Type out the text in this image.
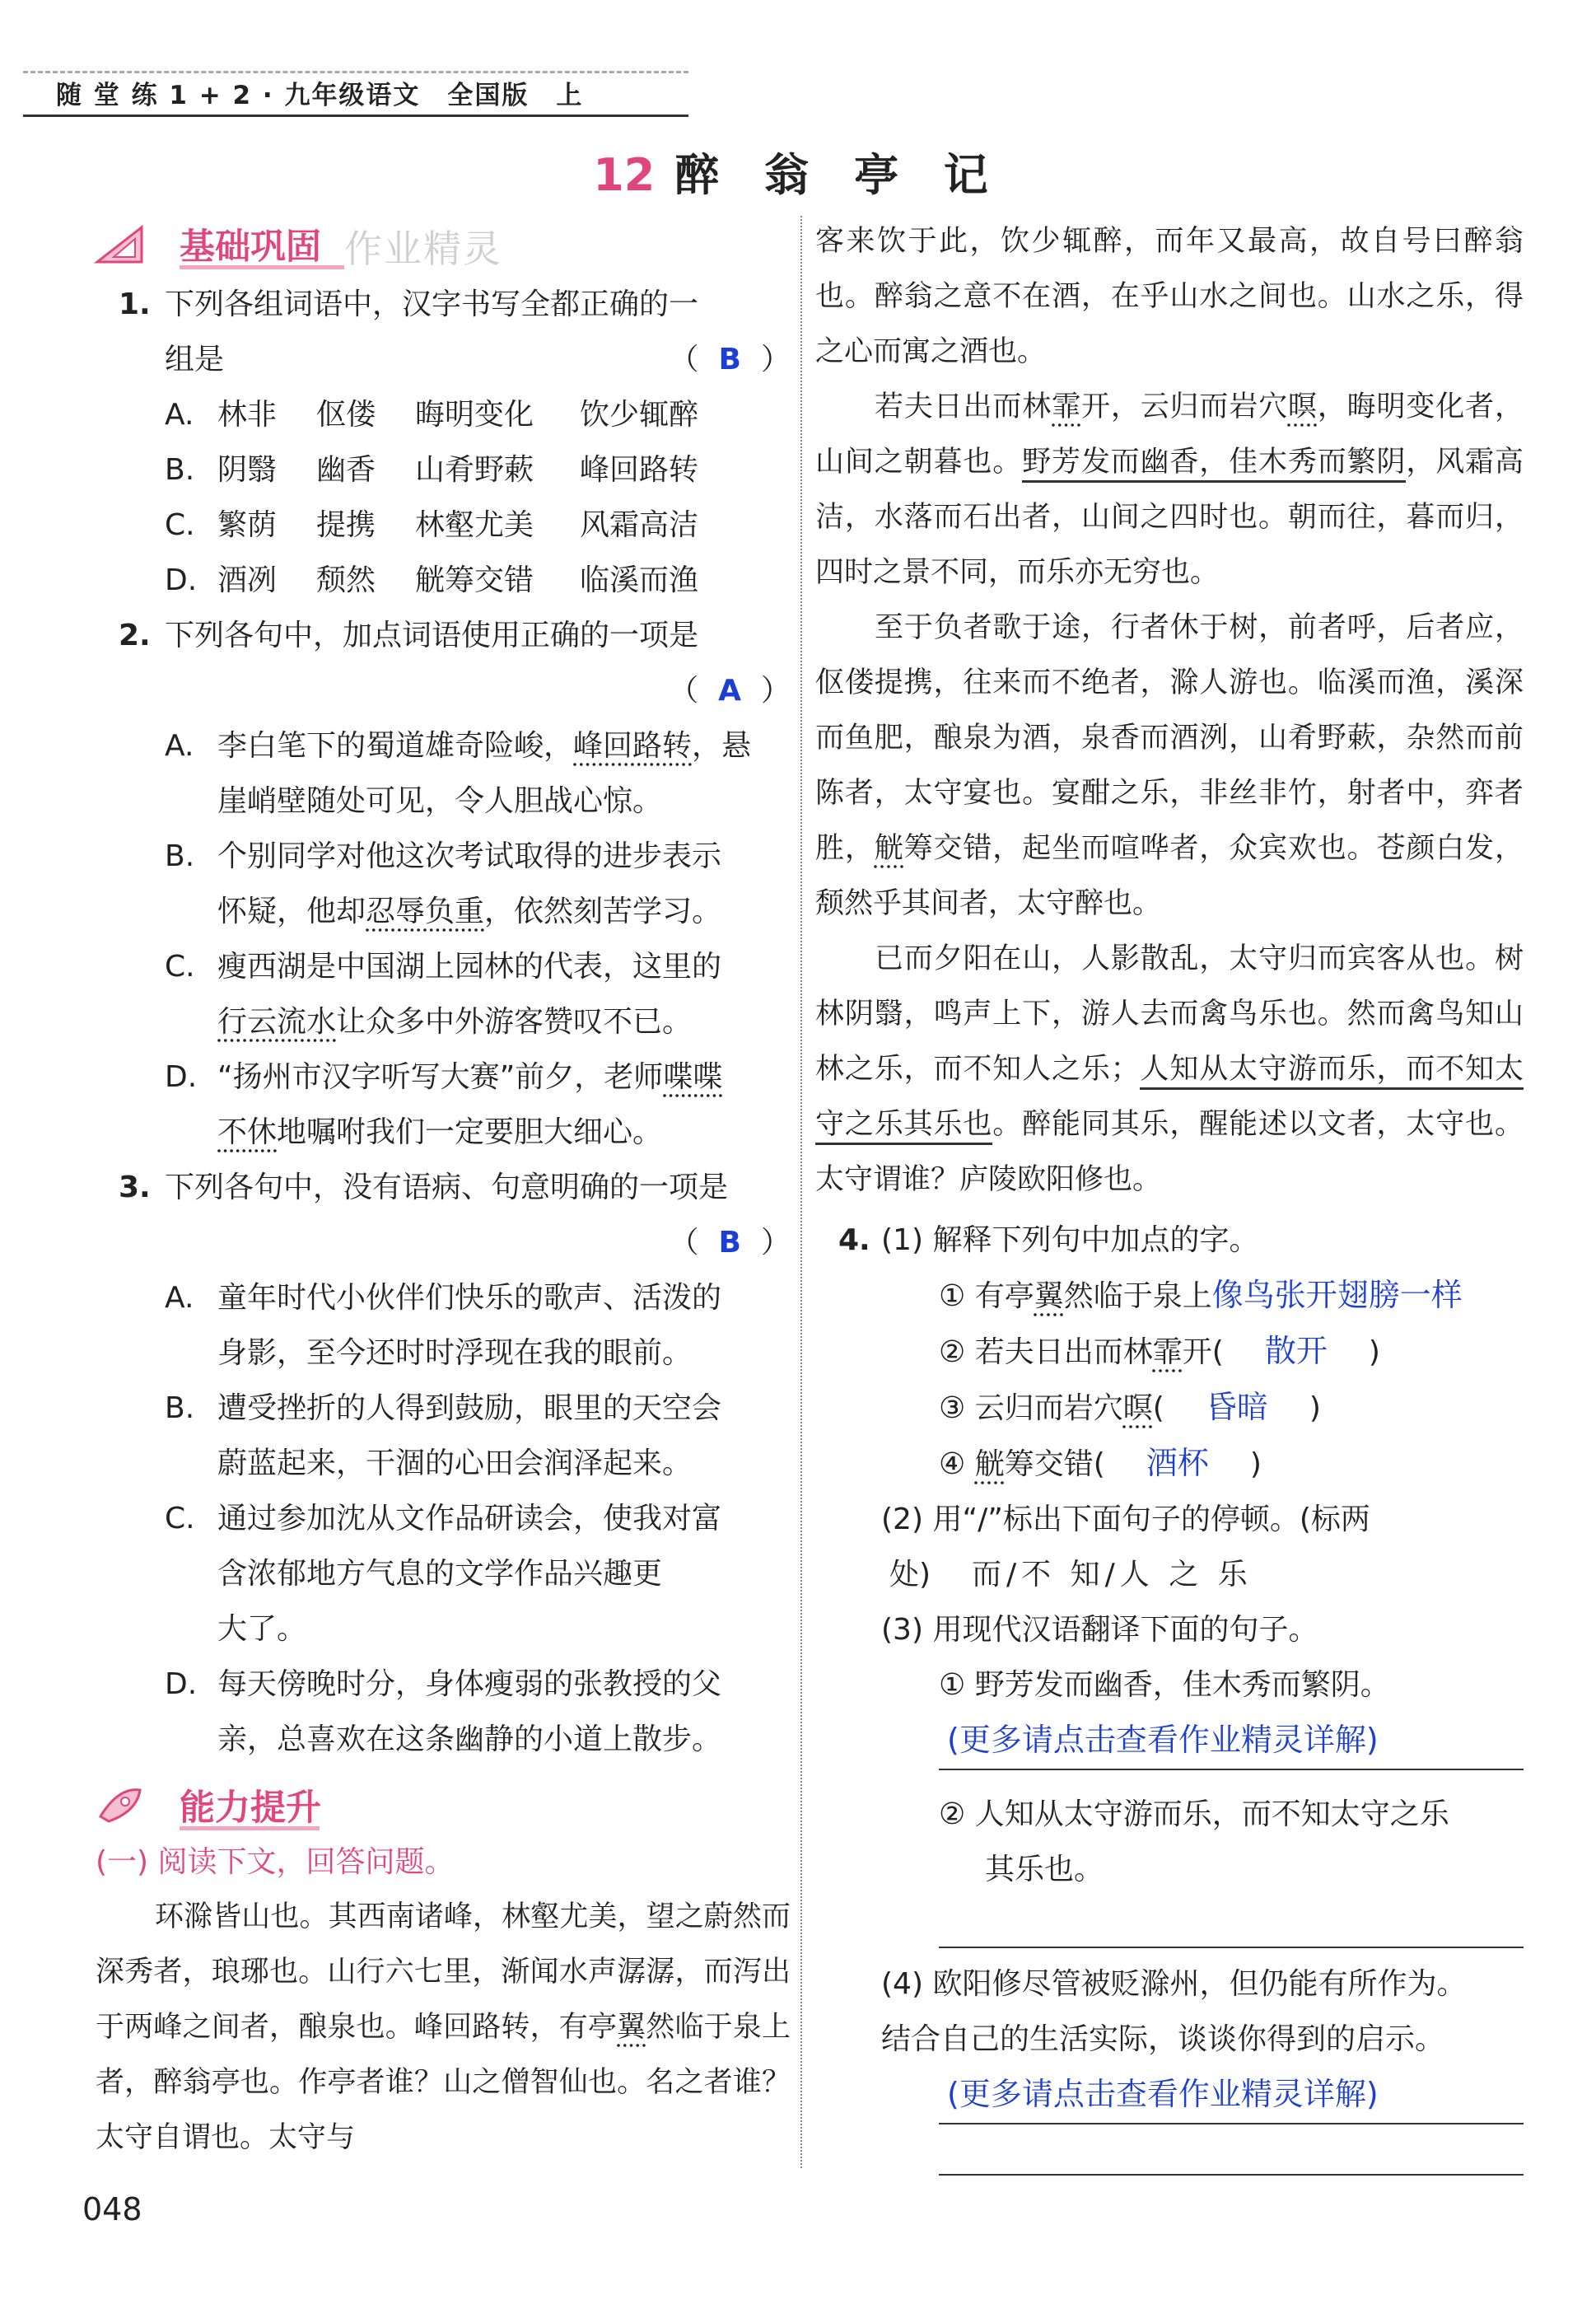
随 堂 练 1 + 2 · 九年级语文　全国版　上
12 醉 翁 亭 记
基础巩固 作业精灵
1. 下列各组词语中，汉字书写全都正确的一
组是	（ B ）
A. 林非	伛偻	晦明变化	饮少辄醉
B. 阴翳	幽香	山肴野蔌	峰回路转
C. 繁荫	提携	林壑尤美	风霜高洁
D. 酒冽	颓然	觥筹交错	临溪而渔
2. 下列各句中，加点词语使用正确的一项是
（ A ）
A. 李白笔下的蜀道雄奇险峻，峰回路转，悬
崖峭壁随处可见，令人胆战心惊。
B. 个别同学对他这次考试取得的进步表示
怀疑，他却忍辱负重，依然刻苦学习。
C. 瘦西湖是中国湖上园林的代表，这里的
行云流水让众多中外游客赞叹不已。
D. “扬州市汉字听写大赛”前夕，老师喋喋
不休地嘱咐我们一定要胆大细心。
3. 下列各句中，没有语病、句意明确的一项是
（ B ）
A. 童年时代小伙伴们快乐的歌声、活泼的
身影，至今还时时浮现在我的眼前。
B. 遭受挫折的人得到鼓励，眼里的天空会
蔚蓝起来，干涸的心田会润泽起来。
C. 通过参加沈从文作品研读会，使我对富
含浓郁地方气息的文学作品兴趣更
大了。
D. 每天傍晚时分，身体瘦弱的张教授的父
亲，总喜欢在这条幽静的小道上散步。
能力提升
(一) 阅读下文，回答问题。
环滁皆山也。其西南诸峰，林壑尤美，望之蔚然而深秀者，琅琊也。山行六七里，渐闻水声潺潺，而泻出于两峰之间者，酿泉也。峰回路转，有亭翼然临于泉上者，醉翁亭也。作亭者谁？山之僧智仙也。名之者谁？太守自谓也。太守与
客来饮于此，饮少辄醉，而年又最高，故自号曰醉翁也。醉翁之意不在酒，在乎山水之间也。山水之乐，得之心而寓之酒也。
若夫日出而林霏开，云归而岩穴暝，晦明变化者，山间之朝暮也。野芳发而幽香，佳木秀而繁阴，风霜高洁，水落而石出者，山间之四时也。朝而往，暮而归，四时之景不同，而乐亦无穷也。
至于负者歌于途，行者休于树，前者呼，后者应，伛偻提携，往来而不绝者，滁人游也。临溪而渔，溪深而鱼肥，酿泉为酒，泉香而酒洌，山肴野蔌，杂然而前陈者，太守宴也。宴酣之乐，非丝非竹，射者中，弈者胜，觥筹交错，起坐而喧哗者，众宾欢也。苍颜白发，颓然乎其间者，太守醉也。
已而夕阳在山，人影散乱，太守归而宾客从也。树林阴翳，鸣声上下，游人去而禽鸟乐也。然而禽鸟知山林之乐，而不知人之乐；人知从太守游而乐，而不知太守之乐其乐也。醉能同其乐，醒能述以文者，太守也。太守谓谁？庐陵欧阳修也。
4. (1) 解释下列句中加点的字。
① 有亭翼然临于泉上像鸟张开翅膀一样
② 若夫日出而林霏开( 散开 )
③ 云归而岩穴暝( 昏暗 )
④ 觥筹交错( 酒杯 )
(2) 用“/”标出下面句子的停顿。(标两
处) 而/不 知/人 之 乐
(3) 用现代汉语翻译下面的句子。
① 野芳发而幽香，佳木秀而繁阴。
(更多请点击查看作业精灵详解)
② 人知从太守游而乐，而不知太守之乐
其乐也。
(4) 欧阳修尽管被贬滁州，但仍能有所作为。
结合自己的生活实际，谈谈你得到的启示。
(更多请点击查看作业精灵详解)
048
